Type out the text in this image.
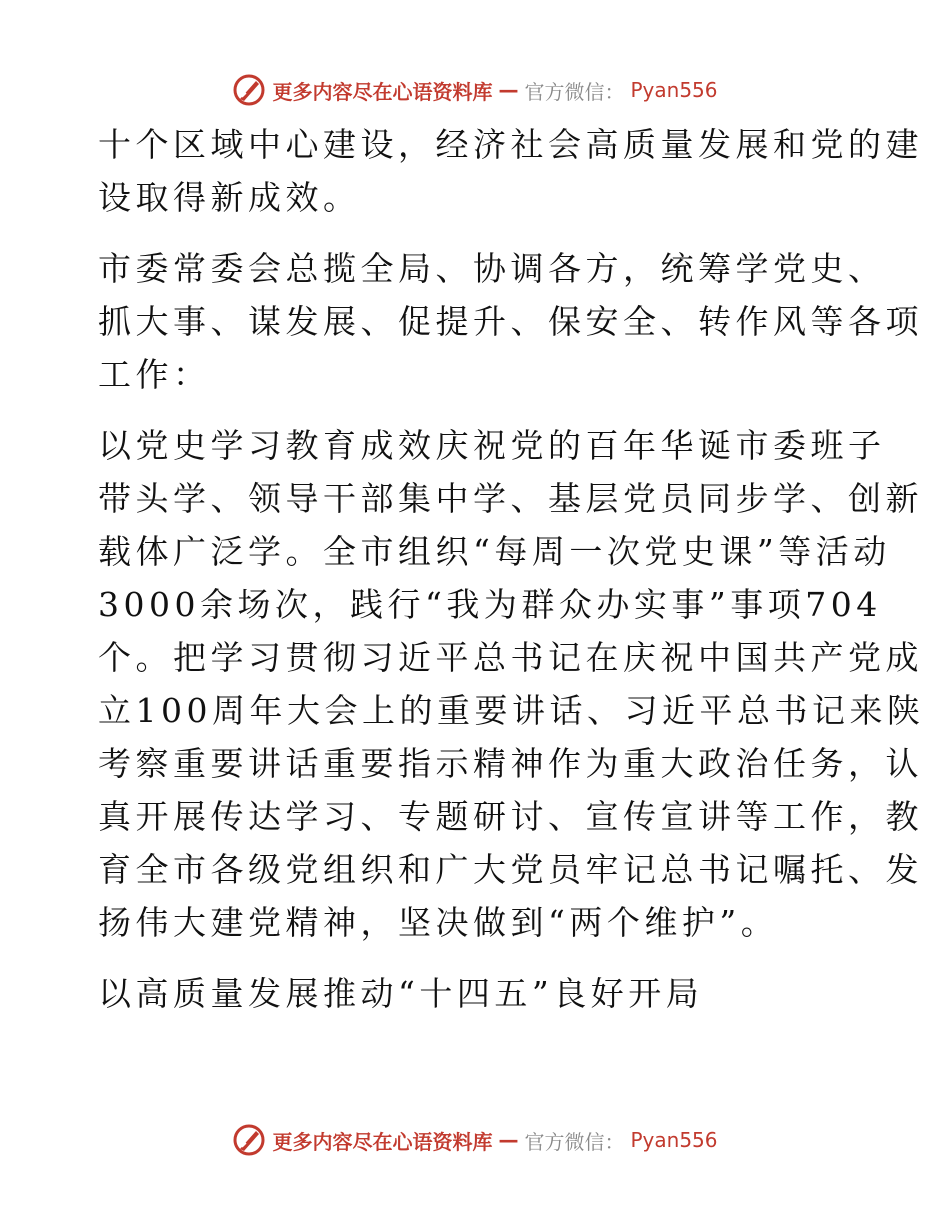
更多内容尽在心语资料库 — 官方微信： Pyan556

十个区域中心建设，经济社会高质量发展和党的建
设取得新成效。

市委常委会总揽全局、协调各方，统筹学党史、
抓大事、谋发展、促提升、保安全、转作风等各项
工作：

以党史学习教育成效庆祝党的百年华诞市委班子
带头学、领导干部集中学、基层党员同步学、创新
载体广泛学。全市组织“每周一次党史课”等活动
3000余场次，践行“我为群众办实事”事项704
个。把学习贯彻习近平总书记在庆祝中国共产党成
立100周年大会上的重要讲话、习近平总书记来陕
考察重要讲话重要指示精神作为重大政治任务，认
真开展传达学习、专题研讨、宣传宣讲等工作，教
育全市各级党组织和广大党员牢记总书记嘱托、发
扬伟大建党精神，坚决做到“两个维护”。

以高质量发展推动“十四五”良好开局

更多内容尽在心语资料库 — 官方微信： Pyan556
